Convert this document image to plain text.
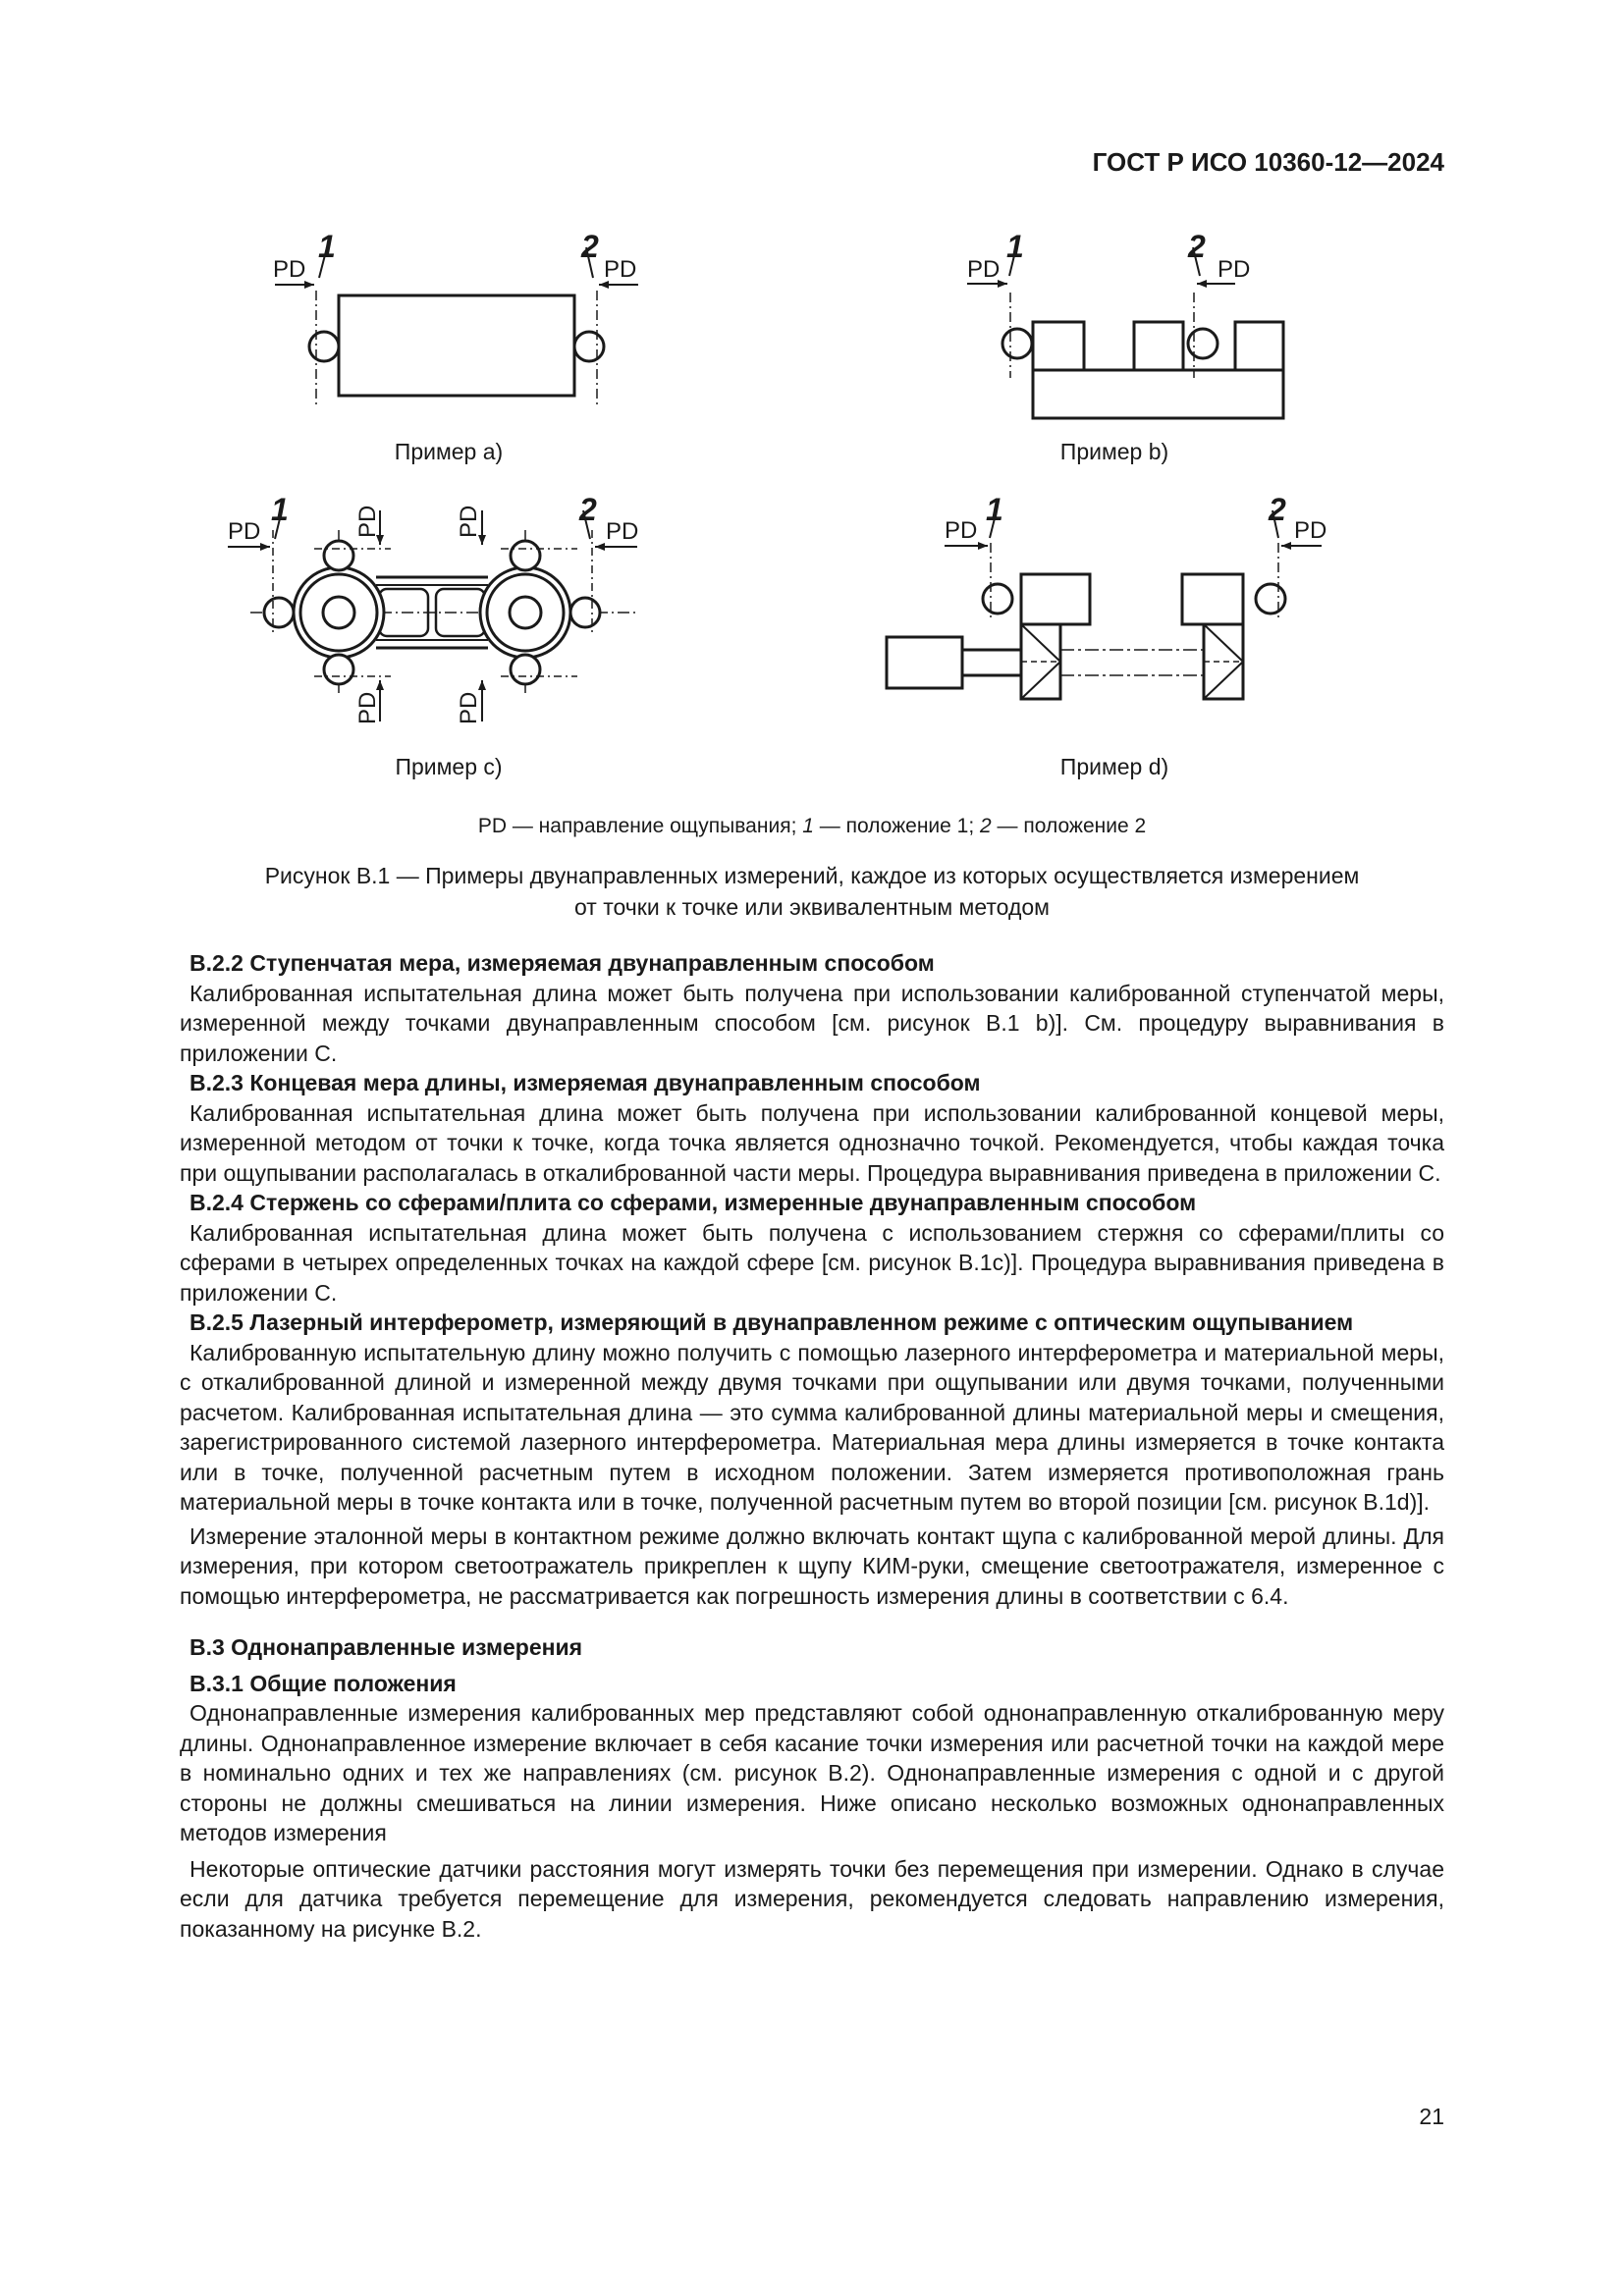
ГОСТ Р ИСО 10360-12—2024
PD	PD
1	2
PD	PD
1	2
PD	PD
1	2
PD	PD
PD	PD
PD	PD
1	2
Пример a)	Пример b)
Пример c)	Пример d)
PD — направление ощупывания; 1 — положение 1; 2 — положение 2
Рисунок B.1 — Примеры двунаправленных измерений, каждое из которых осуществляется измерением
от точки к точке или эквивалентным методом
B.2.2 Ступенчатая мера, измеряемая двунаправленным способом

Калиброванная испытательная длина может быть получена при использовании калиброванной ступенчатой меры, измеренной между точками двунаправленным способом [см. рисунок B.1 b)]. См. процедуру выравнивания в приложении C.

B.2.3 Концевая мера длины, измеряемая двунаправленным способом

Калиброванная испытательная длина может быть получена при использовании калиброванной концевой меры, измеренной методом от точки к точке, когда точка является однозначно точкой. Рекомендуется, чтобы каждая точка при ощупывании располагалась в откалиброванной части меры. Процедура выравнивания приведена в приложении C.

B.2.4 Стержень со сферами/плита со сферами, измеренные двунаправленным способом

Калиброванная испытательная длина может быть получена с использованием стержня со сферами/плиты со сферами в четырех определенных точках на каждой сфере [см. рисунок B.1c)]. Процедура выравнивания приведена в приложении C.

B.2.5 Лазерный интерферометр, измеряющий в двунаправленном режиме с оптическим ощупыванием

Калиброванную испытательную длину можно получить с помощью лазерного интерферометра и материальной меры, с откалиброванной длиной и измеренной между двумя точками при ощупывании или двумя точками, полученными расчетом. Калиброванная испытательная длина — это сумма калиброванной длины материальной меры и смещения, зарегистрированного системой лазерного интерферометра. Материальная мера длины измеряется в точке контакта или в точке, полученной расчетным путем в исходном положении. Затем измеряется противоположная грань материальной меры в точке контакта или в точке, полученной расчетным путем во второй позиции [см. рисунок B.1d)].

Измерение эталонной меры в контактном режиме должно включать контакт щупа с калиброванной мерой длины. Для измерения, при котором светоотражатель прикреплен к щупу КИМ-руки, смещение светоотражателя, измеренное с помощью интерферометра, не рассматривается как погрешность измерения длины в соответствии с 6.4.

B.3 Однонаправленные измерения
B.3.1 Общие положения

Однонаправленные измерения калиброванных мер представляют собой однонаправленную откалиброванную меру длины. Однонаправленное измерение включает в себя касание точки измерения или расчетной точки на каждой мере в номинально одних и тех же направлениях (см. рисунок B.2). Однонаправленные измерения с одной и с другой стороны не должны смешиваться на линии измерения. Ниже описано несколько возможных однонаправленных методов измерения

Некоторые оптические датчики расстояния могут измерять точки без перемещения при измерении. Однако в случае если для датчика требуется перемещение для измерения, рекомендуется следовать направлению измерения, показанному на рисунке B.2.

21
